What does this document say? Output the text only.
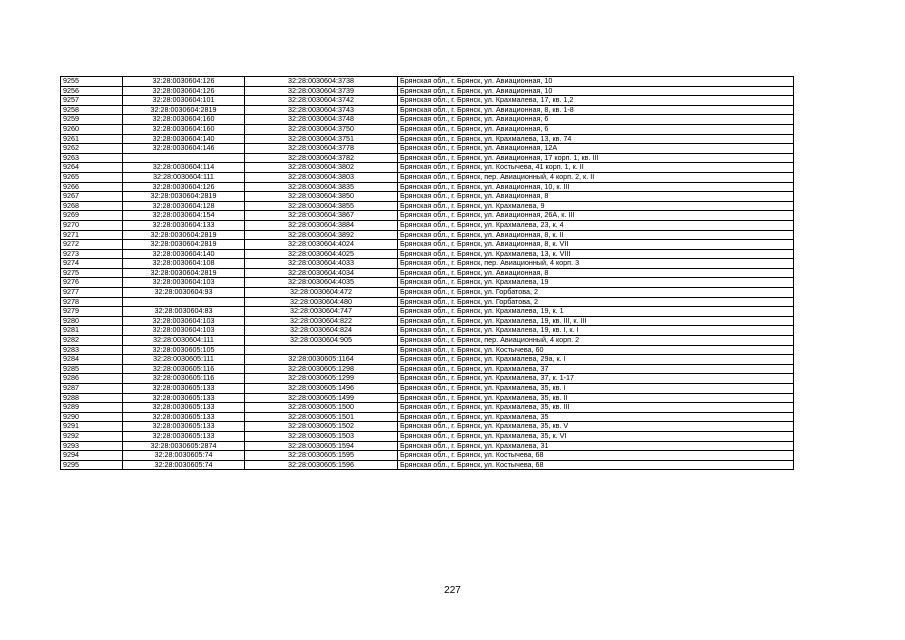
9255	32:28:0030604:126	32:28:0030604:3738	Брянская обл., г. Брянск, ул. Авиационная, 10
9256	32:28:0030604:126	32:28:0030604:3739	Брянская обл., г. Брянск, ул. Авиационная, 10
9257	32:28:0030604:101	32:28:0030604:3742	Брянская обл., г. Брянск, ул. Крахмалева, 17, кв. 1,2
9258	32:28:0030604:2819	32:28:0030604:3743	Брянская обл., г. Брянск, ул. Авиационная, 8, кв. 1-8
9259	32:28:0030604:160	32:28:0030604:3748	Брянская обл., г. Брянск, ул. Авиационная, 6
9260	32:28:0030604:160	32:28:0030604:3750	Брянская обл., г. Брянск, ул. Авиационная, 6
9261	32:28:0030604:140	32:28:0030604:3751	Брянская обл., г. Брянск, ул. Крахмалева, 13, кв. 74
9262	32:28:0030604:146	32:28:0030604:3778	Брянская обл., г. Брянск, ул. Авиационная, 12А
9263		32:28:0030604:3782	Брянская обл., г. Брянск, ул. Авиационная, 17 корп. 1, кв. III
9264	32:28:0030604:114	32:28:0030604:3802	Брянская обл., г. Брянск, ул. Костычева, 41 корп. 1, к. II
9265	32:28:0030604:111	32:28:0030604:3803	Брянская обл., г. Брянск, пер. Авиационный, 4 корп. 2, к. II
9266	32:28:0030604:126	32:28:0030604:3835	Брянская обл., г. Брянск, ул. Авиационная, 10, к. III
9267	32:28:0030604:2819	32:28:0030604:3850	Брянская обл., г. Брянск, ул. Авиационная, 8
9268	32:28:0030604:128	32:28:0030604:3855	Брянская обл., г. Брянск, ул. Крахмалева, 9
9269	32:28:0030604:154	32:28:0030604:3867	Брянская обл., г. Брянск, ул. Авиационная, 26А, к. III
9270	32:28:0030604:133	32:28:0030604:3884	Брянская обл., г. Брянск, ул. Крахмалева, 23, к. 4
9271	32:28:0030604:2819	32:28:0030604:3892	Брянская обл., г. Брянск, ул. Авиационная, 8, к. II
9272	32:28:0030604:2819	32:28:0030604:4024	Брянская обл., г. Брянск, ул. Авиационная, 8, к. VII
9273	32:28:0030604:140	32:28:0030604:4025	Брянская обл., г. Брянск, ул. Крахмалева, 13, к. VIII
9274	32:28:0030604:108	32:28:0030604:4033	Брянская обл., г. Брянск, пер. Авиационный, 4 корп. 3
9275	32:28:0030604:2819	32:28:0030604:4034	Брянская обл., г. Брянск, ул. Авиационная, 8
9276	32:28:0030604:103	32:28:0030604:4035	Брянская обл., г. Брянск, ул. Крахмалева, 19
9277	32:28:0030604:93	32:28:0030604:472	Брянская обл., г. Брянск, ул. Горбатова, 2
9278		32:28:0030604:480	Брянская обл., г. Брянск, ул. Горбатова, 2
9279	32:28:0030604:83	32:28:0030604:747	Брянская обл., г. Брянск, ул. Крахмалева, 19, к. 1
9280	32:28:0030604:103	32:28:0030604:822	Брянская обл., г. Брянск, ул. Крахмалева, 19, кв. III, к. III
9281	32:28:0030604:103	32:28:0030604:824	Брянская обл., г. Брянск, ул. Крахмалева, 19, кв. I, к. I
9282	32:28:0030604:111	32:28:0030604:905	Брянская обл., г. Брянск, пер. Авиационный, 4 корп. 2
9283	32:28:0030605:105		Брянская обл., г. Брянск, ул. Костычева, 60
9284	32:28:0030605:111	32:28:0030605:1164	Брянская обл., г. Брянск, ул. Крахмалева, 29а, к. I
9285	32:28:0030605:116	32:28:0030605:1298	Брянская обл., г. Брянск, ул. Крахмалева, 37
9286	32:28:0030605:116	32:28:0030605:1299	Брянская обл., г. Брянск, ул. Крахмалева, 37, к. 1-17
9287	32:28:0030605:133	32:28:0030605:1496	Брянская обл., г. Брянск, ул. Крахмалева, 35, кв. I
9288	32:28:0030605:133	32:28:0030605:1499	Брянская обл., г. Брянск, ул. Крахмалева, 35, кв. II
9289	32:28:0030605:133	32:28:0030605:1500	Брянская обл., г. Брянск, ул. Крахмалева, 35, кв. III
9290	32:28:0030605:133	32:28:0030605:1501	Брянская обл., г. Брянск, ул. Крахмалева, 35
9291	32:28:0030605:133	32:28:0030605:1502	Брянская обл., г. Брянск, ул. Крахмалева, 35, кв. V
9292	32:28:0030605:133	32:28:0030605:1503	Брянская обл., г. Брянск, ул. Крахмалева, 35, к. VI
9293	32:28:0030605:2874	32:28:0030605:1594	Брянская обл., г. Брянск, ул. Крахмалева, 31
9294	32:28:0030605:74	32:28:0030605:1595	Брянская обл., г. Брянск, ул. Костычева, 68
9295	32:28:0030605:74	32:28:0030605:1596	Брянская обл., г. Брянск, ул. Костычева, 68
227
